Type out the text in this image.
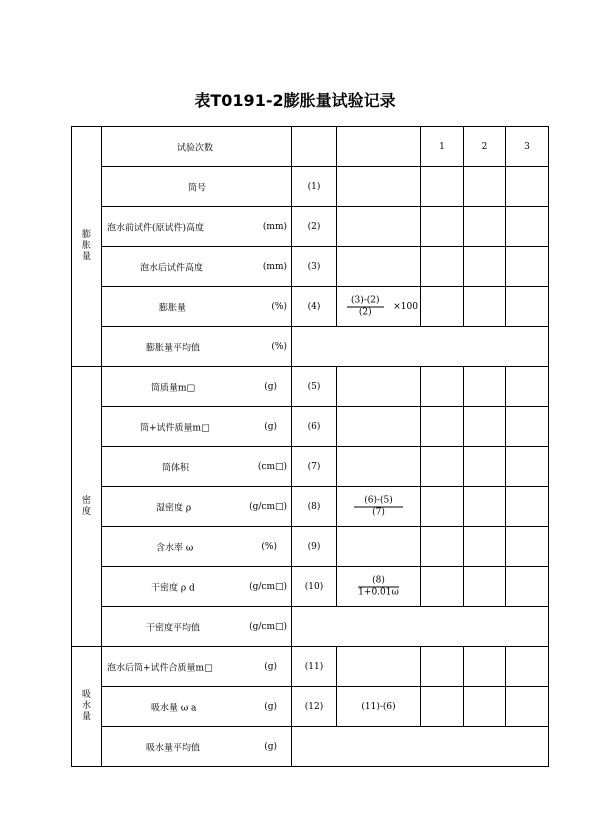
表T0191-2膨胀量试验记录
膨
胀
量	试验次数			1	2	3

	筒号	(1)				

	泡水前试件(原试件)高度 (mm)	(2)				

	泡水后试件高度 (mm)	(3)				

	膨胀量 (%)	(4)	$\frac{(3)-(2)}{(2)} \times 100$			

	膨胀量平均值 (%)					

密
度	筒质量m□ (g)	(5)				

	筒+试件质量m□ (g)	(6)				

	筒体积 (cm□)	(7)				

	湿密度 ρ (g/cm□)	(8)	$\frac{(6)-(5)}{(7)}$

	含水率 ω (%)	(9)				

	干密度 ρ d (g/cm□)	(10)	$\frac{(8)}{1+0.01\omega}$

	干密度平均值 (g/cm□)					

吸
水
量	泡水后筒+试件合质量m□ (g)	(11)				

	吸水量 ω a (g)	(12)	(11)-(6)			

	吸水量平均值 (g)					
